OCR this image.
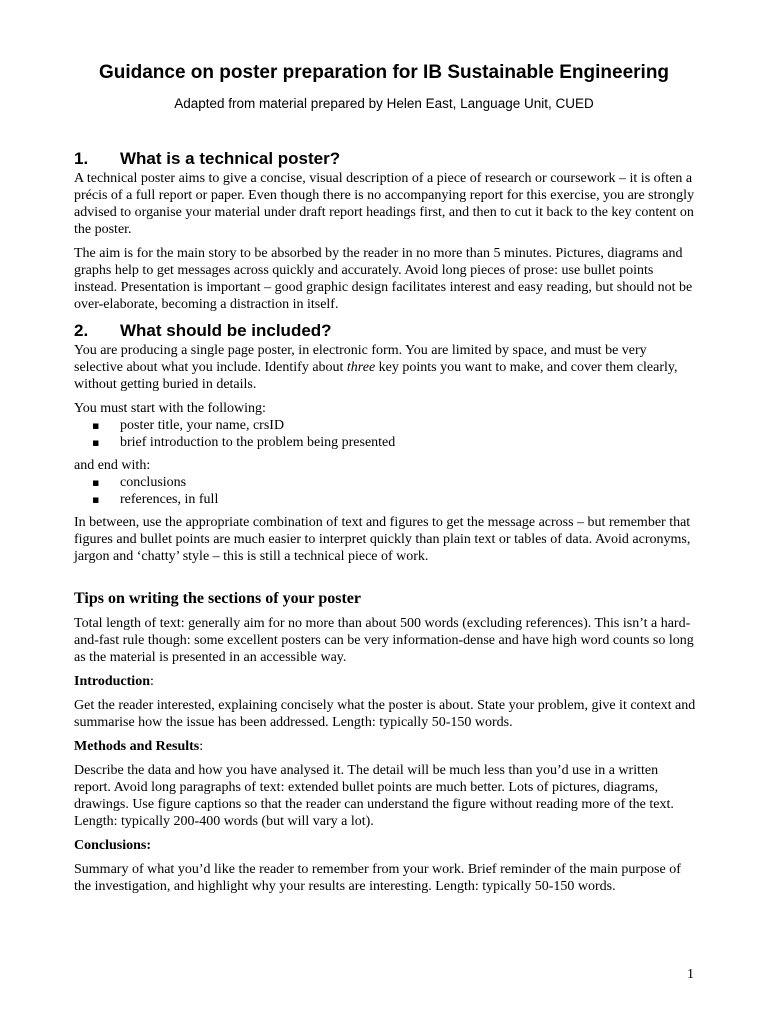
Guidance on poster preparation for IB Sustainable Engineering
Adapted from material prepared by Helen East, Language Unit, CUED
1.	What is a technical poster?

A technical poster aims to give a concise, visual description of a piece of research or coursework – it is often a précis of a full report or paper. Even though there is no accompanying report for this exercise, you are strongly advised to organise your material under draft report headings first, and then to cut it back to the key content on the poster.

The aim is for the main story to be absorbed by the reader in no more than 5 minutes. Pictures, diagrams and graphs help to get messages across quickly and accurately. Avoid long pieces of prose: use bullet points instead. Presentation is important – good graphic design facilitates interest and easy reading, but should not be over-elaborate, becoming a distraction in itself.

2.	What should be included?

You are producing a single page poster, in electronic form. You are limited by space, and must be very selective about what you include. Identify about three key points you want to make, and cover them clearly, without getting buried in details.

You must start with the following:

▪ poster title, your name, crsID
▪ brief introduction to the problem being presented

and end with:

▪ conclusions
▪ references, in full

In between, use the appropriate combination of text and figures to get the message across – but remember that figures and bullet points are much easier to interpret quickly than plain text or tables of data. Avoid acronyms, jargon and ‘chatty’ style – this is still a technical piece of work.

Tips on writing the sections of your poster

Total length of text: generally aim for no more than about 500 words (excluding references). This isn’t a hard-and-fast rule though: some excellent posters can be very information-dense and have high word counts so long as the material is presented in an accessible way.

Introduction:

Get the reader interested, explaining concisely what the poster is about. State your problem, give it context and summarise how the issue has been addressed. Length: typically 50-150 words.

Methods and Results:

Describe the data and how you have analysed it. The detail will be much less than you’d use in a written report. Avoid long paragraphs of text: extended bullet points are much better. Lots of pictures, diagrams, drawings. Use figure captions so that the reader can understand the figure without reading more of the text. Length: typically 200-400 words (but will vary a lot).

Conclusions:

Summary of what you’d like the reader to remember from your work. Brief reminder of the main purpose of the investigation, and highlight why your results are interesting. Length: typically 50-150 words.

1
